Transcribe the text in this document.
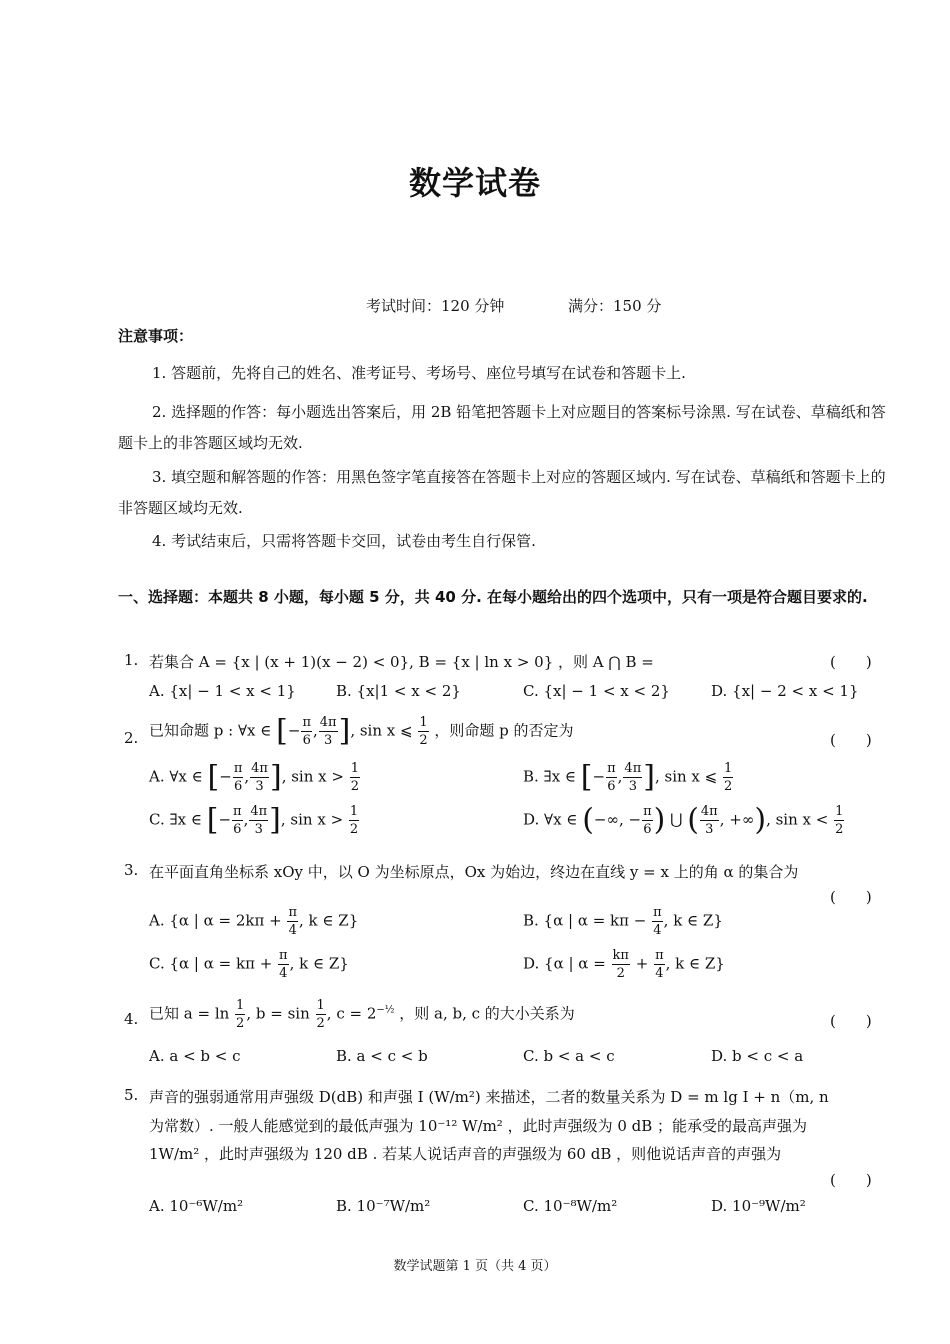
数学试卷
考试时间：120 分钟	满分：150 分
注意事项：
1. 答题前，先将自己的姓名、准考证号、考场号、座位号填写在试卷和答题卡上.
2. 选择题的作答：每小题选出答案后，用 2B 铅笔把答题卡上对应题目的答案标号涂黑. 写在试卷、草稿纸和答题卡上的非答题区域均无效.
3. 填空题和解答题的作答：用黑色签字笔直接答在答题卡上对应的答题区域内. 写在试卷、草稿纸和答题卡上的非答题区域均无效.
4. 考试结束后，只需将答题卡交回，试卷由考生自行保管.
一、选择题：本题共 8 小题，每小题 5 分，共 40 分. 在每小题给出的四个选项中，只有一项是符合题目要求的.
1. 若集合 A = {x | (x + 1)(x − 2) < 0}, B = {x | ln x > 0} ，则 A ⋂ B =	(　　)
A. {x| − 1 < x < 1}	B. {x|1 < x < 2}	C. {x| − 1 < x < 2}	D. {x| − 2 < x < 1}
2. 已知命题 p : ∀x ∈ [− $\frac{\pi}{6}$ , $\frac{4\pi}{3}$ ], sin x ⩽ $\frac{1}{2}$ ，则命题 p 的否定为
(　　)
A. ∀x ∈ [− $\frac{\pi}{6}$ , $\frac{4\pi}{3}$ ], $\sin x > \frac{1}{2}$	B. ∃x ∈ [− $\frac{\pi}{6}$ , $\frac{4\pi}{3}$ ], sin x ⩽ $\frac{1}{2}$
C. ∃x ∈ [− $\frac{\pi}{6}$ , $\frac{4\pi}{3}$ ], $\sin x > \frac{1}{2}$	D. ∀x ∈ (−∞, − $\frac{\pi}{6}$ ) ⋃ ( $\frac{4\pi}{3}$ , +∞), $\sin x < \frac{1}{2}$
3. 在平面直角坐标系 xOy 中，以 O 为坐标原点，Ox 为始边，终边在直线 y = x 上的角 α 的集合为
(　　)
A. {α | $\alpha = 2k\pi + \frac{\pi}{4}$ , k ∈ Z}	B. {α | $\alpha = k\pi - \frac{\pi}{4}$ , k ∈ Z}
C. {α | $\alpha = k\pi + \frac{\pi}{4}$ , k ∈ Z}	D. {α | $\alpha = \frac{k\pi}{2} + \frac{\pi}{4}$ , k ∈ Z}
4. 已知 $a = \ln \frac{1}{2}$ , $b = \sin \frac{1}{2}$ , $c = 2^{-\frac{1}{2}}$ ，则 a, b, c 的大小关系为	(　　)
A. a < b < c	B. a < c < b	C. b < a < c	D. b < c < a
5. 声音的强弱通常用声强级 D(dB) 和声强 I (W/m²) 来描述，二者的数量关系为 D = m lg I + n（m, n
为常数）. 一般人能感觉到的最低声强为 10⁻¹² W/m² ，此时声强级为 0 dB ；能承受的最高声强为
1W/m² ，此时声强级为 120 dB . 若某人说话声音的声强级为 60 dB ，则他说话声音的声强为
(　　)
A. 10⁻⁶W/m²	B. 10⁻⁷W/m²	C. 10⁻⁸W/m²	D. 10⁻⁹W/m²
数学试题第 1 页（共 4 页）
